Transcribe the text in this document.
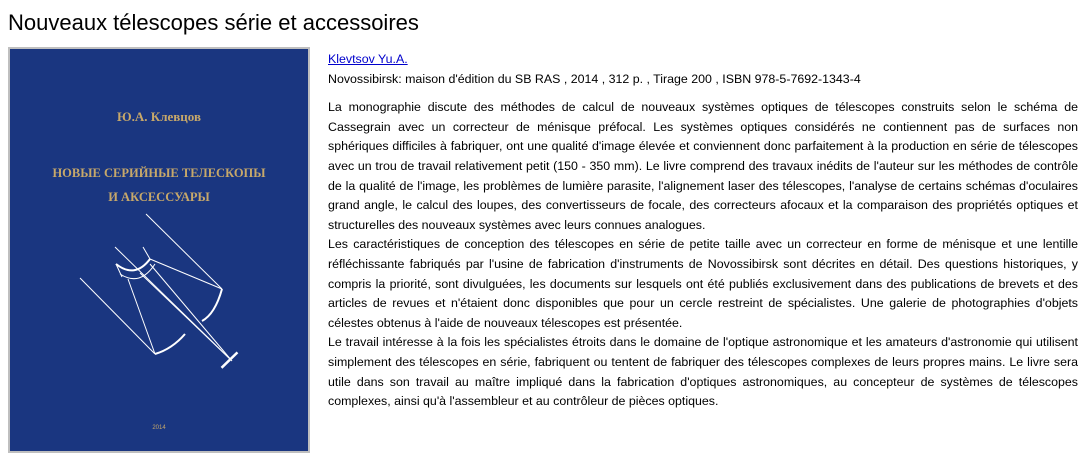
Nouveaux télescopes série et accessoires
Ю.А. Клевцов
НОВЫЕ СЕРИЙНЫЕ ТЕЛЕСКОПЫ
И АКСЕССУАРЫ
2014
Klevtsov Yu.A.
Novossibirsk: maison d'édition du SB RAS , 2014 , 312 p. , Tirage 200 , ISBN 978-5-7692-1343-4

La monographie discute des méthodes de calcul de nouveaux systèmes optiques de télescopes construits selon le schéma de Cassegrain avec un correcteur de ménisque préfocal. Les systèmes optiques considérés ne contiennent pas de surfaces non sphériques difficiles à fabriquer, ont une qualité d'image élevée et conviennent donc parfaitement à la production en série de télescopes avec un trou de travail relativement petit (150 - 350 mm). Le livre comprend des travaux inédits de l'auteur sur les méthodes de contrôle de la qualité de l'image, les problèmes de lumière parasite, l'alignement laser des télescopes, l'analyse de certains schémas d'oculaires grand angle, le calcul des loupes, des convertisseurs de focale, des correcteurs afocaux et la comparaison des propriétés optiques et structurelles des nouveaux systèmes avec leurs connues analogues.

Les caractéristiques de conception des télescopes en série de petite taille avec un correcteur en forme de ménisque et une lentille réfléchissante fabriqués par l'usine de fabrication d'instruments de Novossibirsk sont décrites en détail. Des questions historiques, y compris la priorité, sont divulguées, les documents sur lesquels ont été publiés exclusivement dans des publications de brevets et des articles de revues et n'étaient donc disponibles que pour un cercle restreint de spécialistes. Une galerie de photographies d'objets célestes obtenus à l'aide de nouveaux télescopes est présentée.

Le travail intéresse à la fois les spécialistes étroits dans le domaine de l'optique astronomique et les amateurs d'astronomie qui utilisent simplement des télescopes en série, fabriquent ou tentent de fabriquer des télescopes complexes de leurs propres mains. Le livre sera utile dans son travail au maître impliqué dans la fabrication d'optiques astronomiques, au concepteur de systèmes de télescopes complexes, ainsi qu'à l'assembleur et au contrôleur de pièces optiques.
